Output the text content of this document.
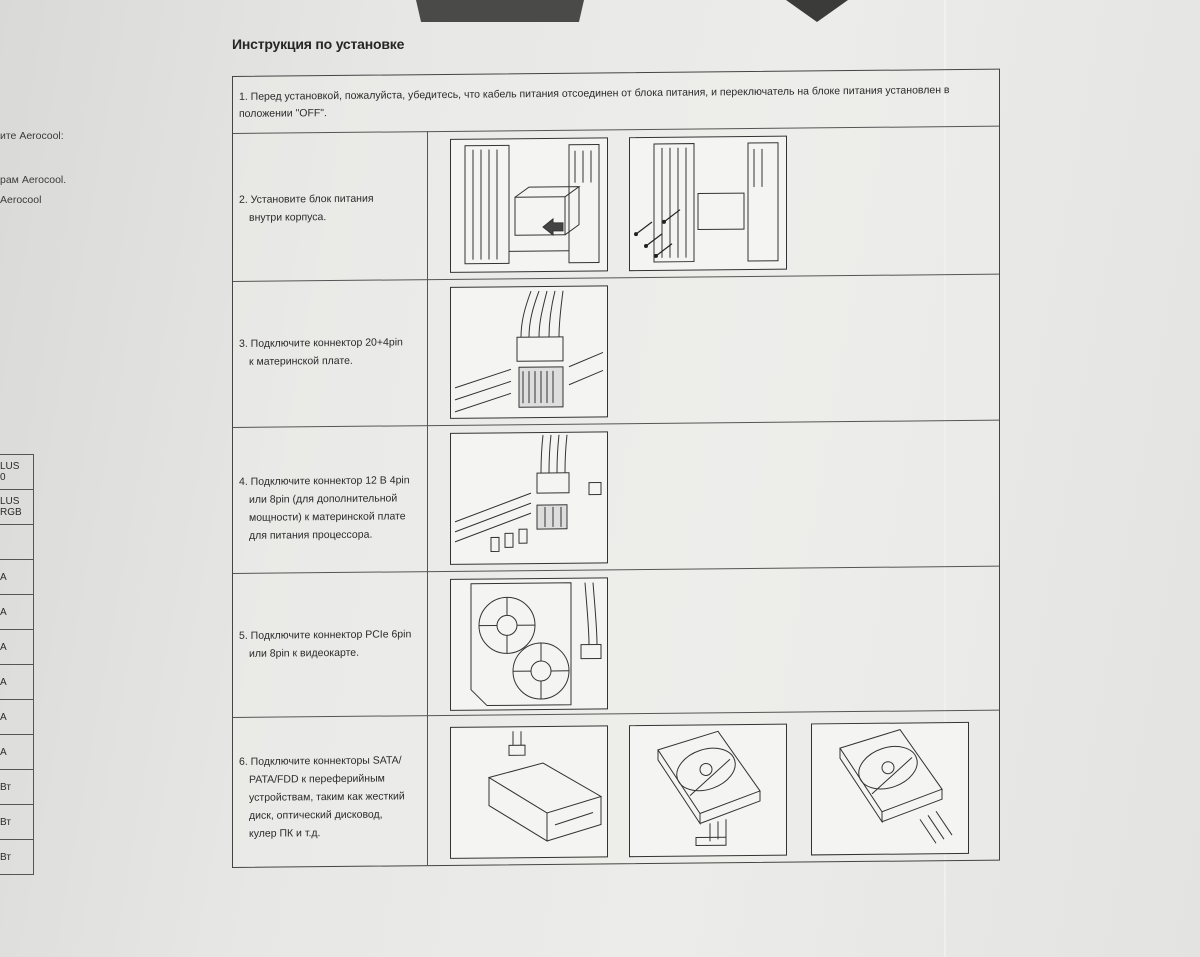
ите Aerocool:
рам Aerocool.
Aerocool
LUS
0
LUS
RGB
A
A
A
A
A
A
Вт
Вт
Вт
Инструкция по установке
1. Перед установкой, пожалуйста, убедитесь, что кабель питания отсоединен от блока питания, и переключатель на блоке питания установлен в положении "OFF".
2. Установите блок питания
внутри корпуса.
3. Подключите коннектор 20+4pin
к материнской плате.
4. Подключите коннектор 12 В 4pin
или 8pin (для дополнительной
мощности) к материнской плате
для питания процессора.
5. Подключите коннектор PCIe 6pin
или 8pin к видеокарте.
6. Подключите коннекторы SATA/
PATA/FDD к переферийным
устройствам, таким как жесткий
диск, оптический дисковод,
кулер ПК и т.д.
